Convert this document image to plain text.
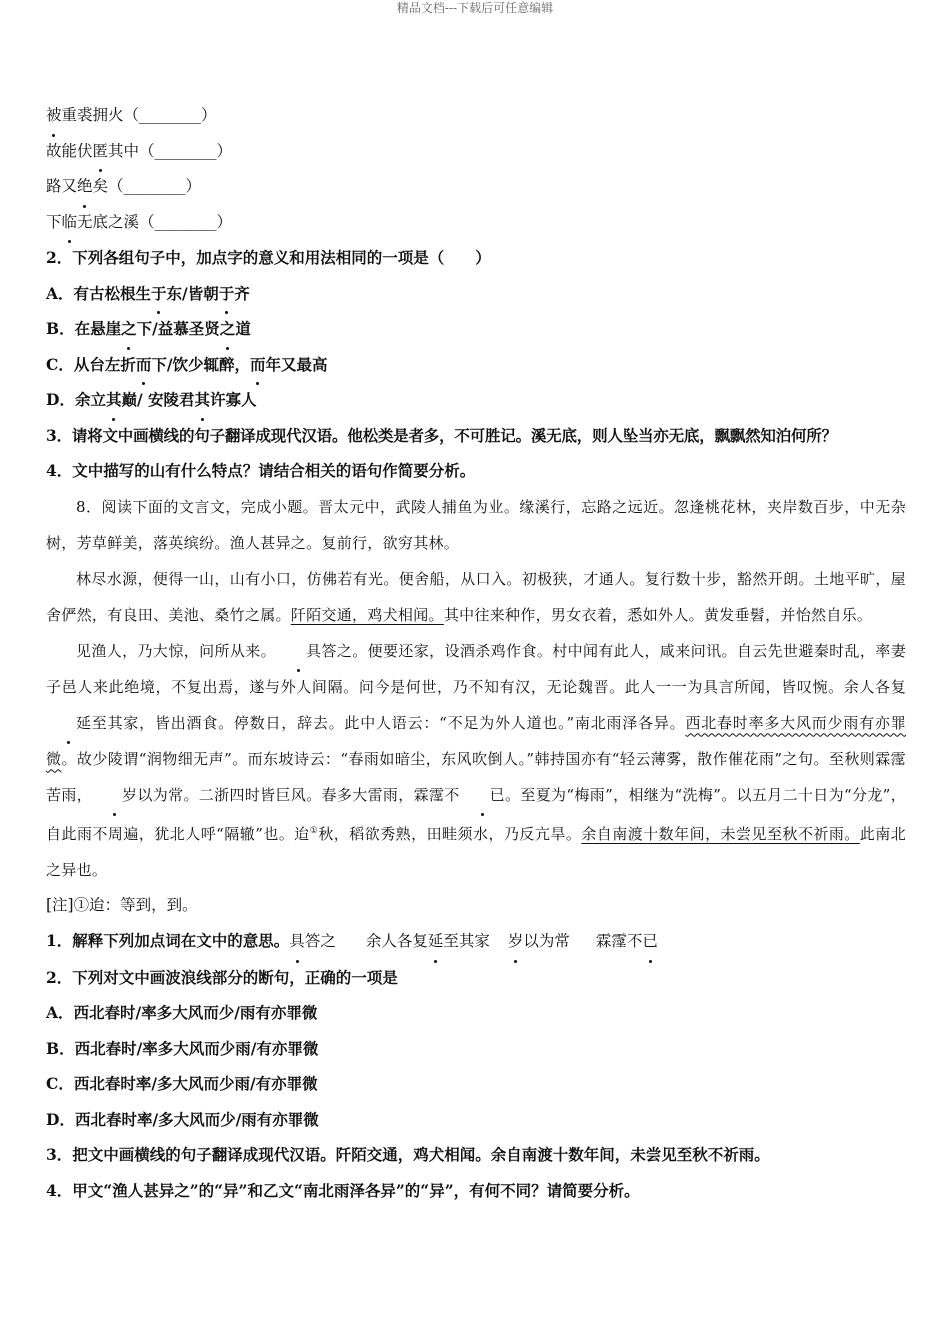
精品文档---下载后可任意编辑
被重裘拥火（________）
故能伏匿其中（________）
路又绝矣（________）
下临无底之溪（________）
2．下列各组句子中，加点字的意义和用法相同的一项是（　　）
A．有古松根生于东/皆朝于齐
B．在悬崖之下/益慕圣贤之道
C．从台左折而下/饮少辄醉，而年又最高
D．余立其巅/ 安陵君其许寡人
3．请将文中画横线的句子翻译成现代汉语。他松类是者多，不可胜记。溪无底，则人坠当亦无底，飘飘然知泊何所？
4．文中描写的山有什么特点？请结合相关的语句作简要分析。
8．阅读下面的文言文，完成小题。晋太元中，武陵人捕鱼为业。缘溪行，忘路之远近。忽逢桃花林，夹岸数百步，中无杂树，芳草鲜美，落英缤纷。渔人甚异之。复前行，欲穷其林。
林尽水源，便得一山，山有小口，仿佛若有光。便舍船，从口入。初极狭，才通人。复行数十步，豁然开朗。土地平旷，屋舍俨然，有良田、美池、桑竹之属。阡陌交通，鸡犬相闻。其中往来种作，男女衣着，悉如外人。黄发垂髫，并怡然自乐。
见渔人，乃大惊，问所从来。 具答之。便要还家，设酒杀鸡作食。村中闻有此人，咸来问讯。自云先世避秦时乱，率妻子邑人来此绝境，不复出焉，遂与外人间隔。问今是何世，乃不知有汉，无论魏晋。此人一一为具言所闻，皆叹惋。余人各复延至其家，皆出酒食。停数日，辞去。此中人语云：“不足为外人道也。”南北雨泽各异。西北春时率多大风而少雨有亦罪微。故少陵谓“润物细无声”。而东坡诗云：“春雨如暗尘，东风吹倒人。”韩持国亦有“轻云薄雾，散作催花雨”之句。至秋则霖霪苦雨， 岁以为常。二浙四时皆巨风。春多大雷雨，霖霪不 已。至夏为“梅雨”，相继为“洗梅”。以五月二十日为“分龙”，自此雨不周遍，犹北人呼“隔辙”也。迨①秋，稻欲秀熟，田畦须水，乃反亢旱。余自南渡十数年间，未尝见至秋不祈雨。此南北之异也。
[注]①迨：等到，到。
1．解释下列加点词在文中的意思。具答之 余人各复延至其家 岁以为常 霖霪不已
2．下列对文中画波浪线部分的断句，正确的一项是
A．西北春时/率多大风而少/雨有亦罪微
B．西北春时/率多大风而少雨/有亦罪微
C．西北春时率/多大风而少雨/有亦罪微
D．西北春时率/多大风而少/雨有亦罪微
3．把文中画横线的句子翻译成现代汉语。阡陌交通，鸡犬相闻。余自南渡十数年间，未尝见至秋不祈雨。
4．甲文“渔人甚异之”的“异”和乙文“南北雨泽各异”的“异”，有何不同？请简要分析。
